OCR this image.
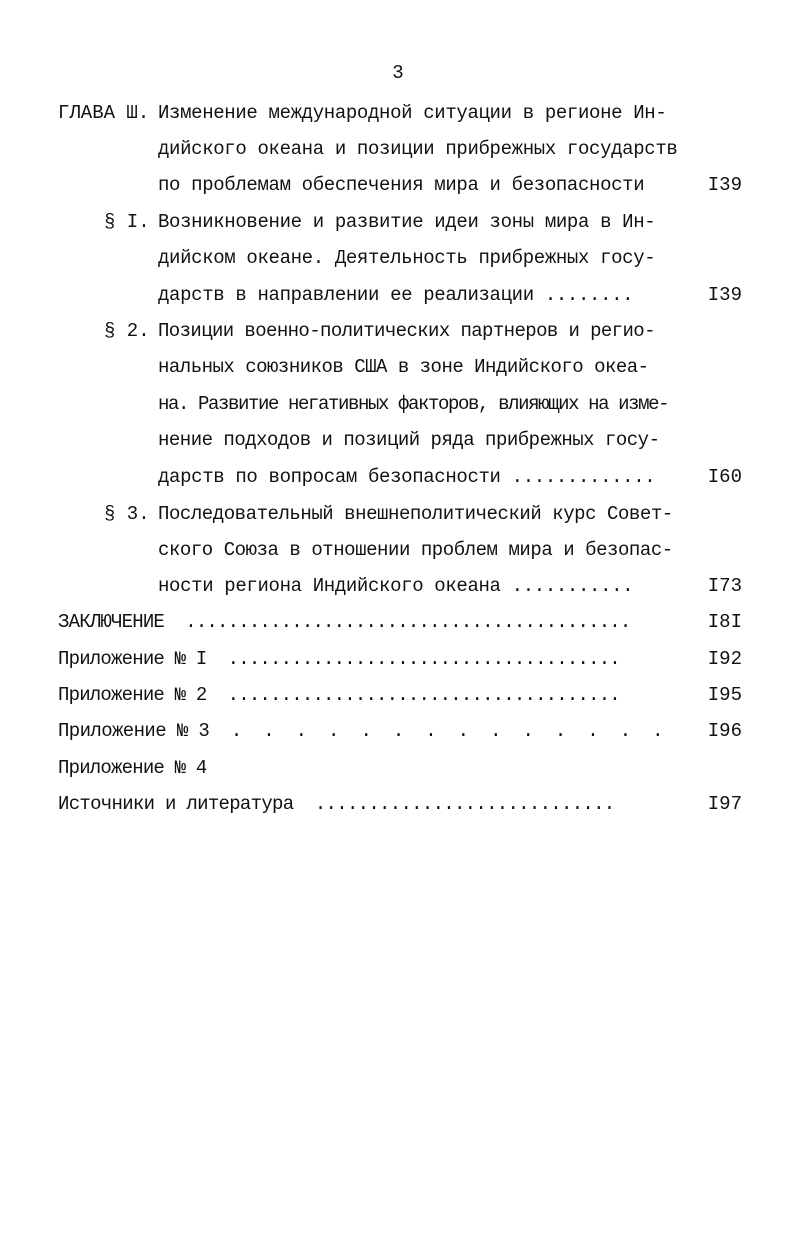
3
ГЛАВА Ш. Изменение международной ситуации в регионе Ин-
дийского океана и позиции прибрежных государств
по проблемам обеспечения мира и безопасности	I39
§ I. Возникновение и развитие идеи зоны мира в Ин-
дийском океане. Деятельность прибрежных госу-
дарств в направлении ее реализации ........	I39
§ 2. Позиции военно-политических партнеров и регио-
нальных союзников США в зоне Индийского океа-
на. Развитие негативных факторов, влияющих на изме-
нение подходов и позиций ряда прибрежных госу-
дарств по вопросам безопасности .............	I60
§ 3. Последовательный внешнеполитический курс Совет-
ского Союза в отношении проблем мира и безопас-
ности региона Индийского океана ...........	I73
ЗАКЛЮЧЕНИЕ  ..........................................	I8I
Приложение № I  .....................................	I92
Приложение № 2  .....................................	I95
Приложение № 3  .  .  .  .  .  .  .  .  .  .  .  .  .  . I96
Приложение № 4
Источники и литература  ............................	I97
